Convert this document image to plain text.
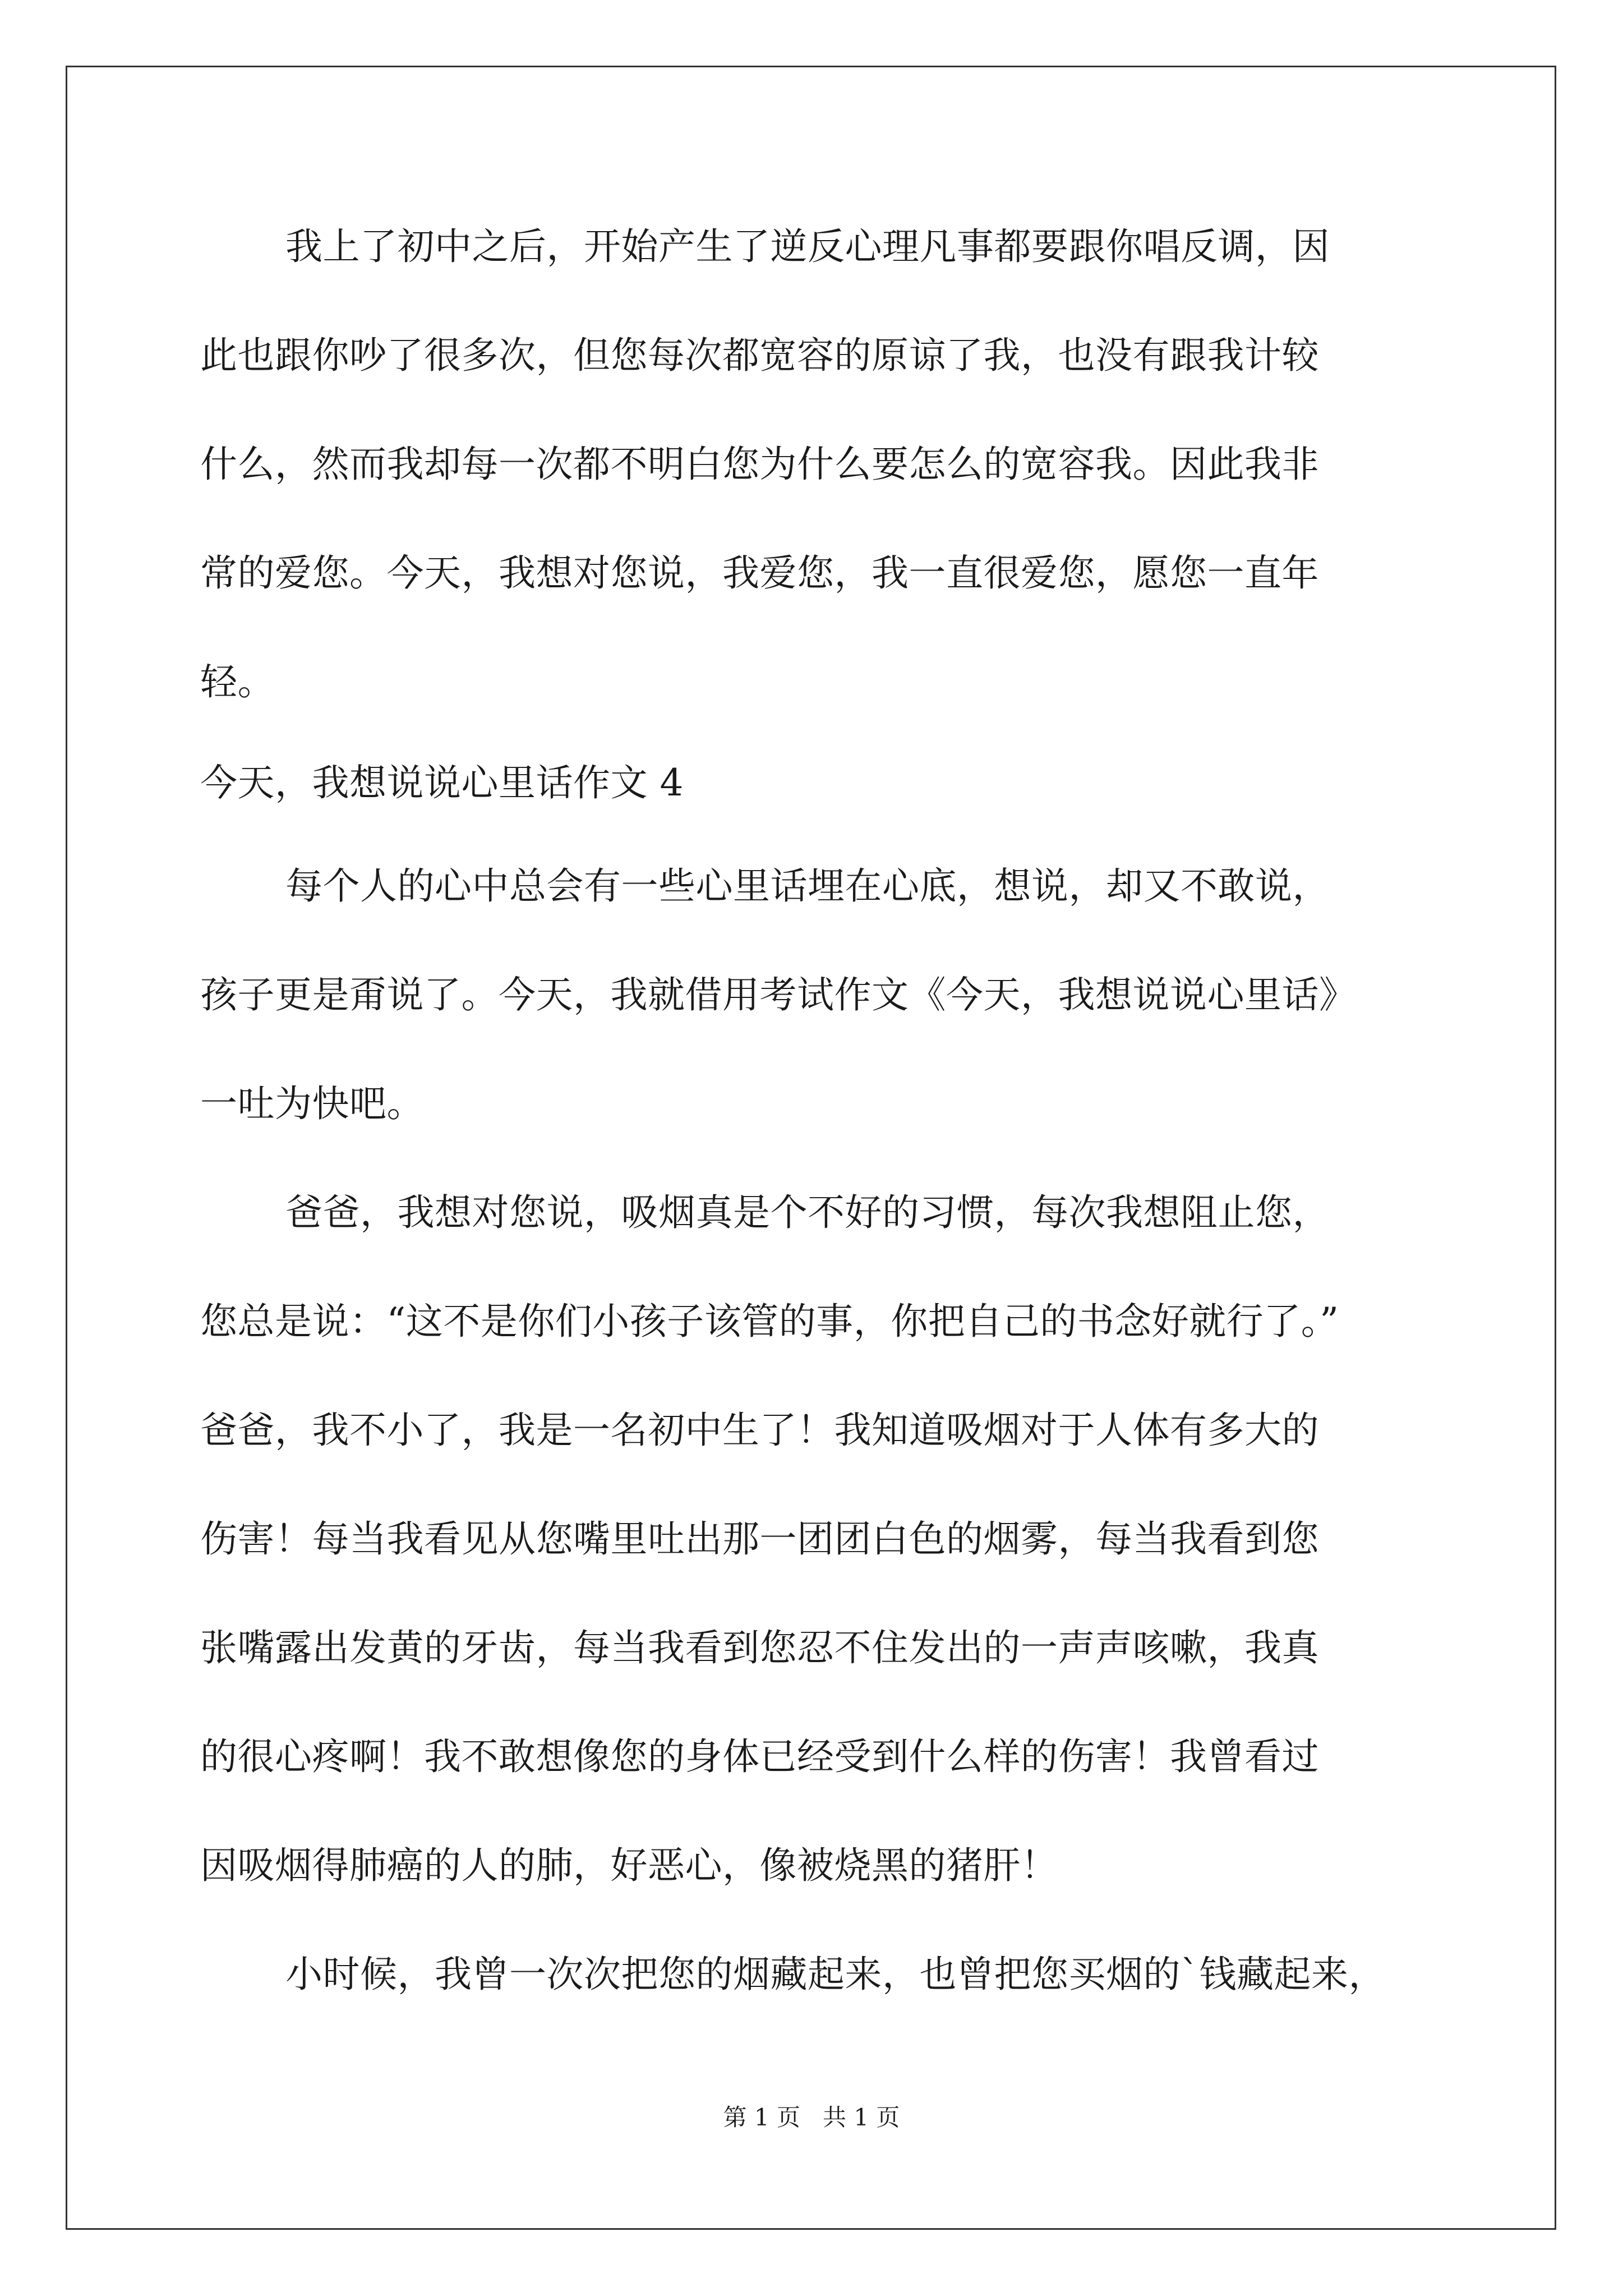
我上了初中之后，开始产生了逆反心理凡事都要跟你唱反调，因
此也跟你吵了很多次，但您每次都宽容的原谅了我，也没有跟我计较
什么，然而我却每一次都不明白您为什么要怎么的宽容我。因此我非
常的爱您。今天，我想对您说，我爱您，我一直很爱您，愿您一直年
轻。
今天，我想说说心里话作文 4
每个人的心中总会有一些心里话埋在心底，想说，却又不敢说，
孩子更是甭说了。今天，我就借用考试作文《今天，我想说说心里话》
一吐为快吧。
爸爸，我想对您说，吸烟真是个不好的习惯，每次我想阻止您，
您总是说：“这不是你们小孩子该管的事，你把自己的书念好就行了。”
爸爸，我不小了，我是一名初中生了！我知道吸烟对于人体有多大的
伤害！每当我看见从您嘴里吐出那一团团白色的烟雾，每当我看到您
张嘴露出发黄的牙齿，每当我看到您忍不住发出的一声声咳嗽，我真
的很心疼啊！我不敢想像您的身体已经受到什么样的伤害！我曾看过
因吸烟得肺癌的人的肺，好恶心，像被烧黑的猪肝！
小时候，我曾一次次把您的烟藏起来，也曾把您买烟的`钱藏起来，
第 1 页 共 1 页
